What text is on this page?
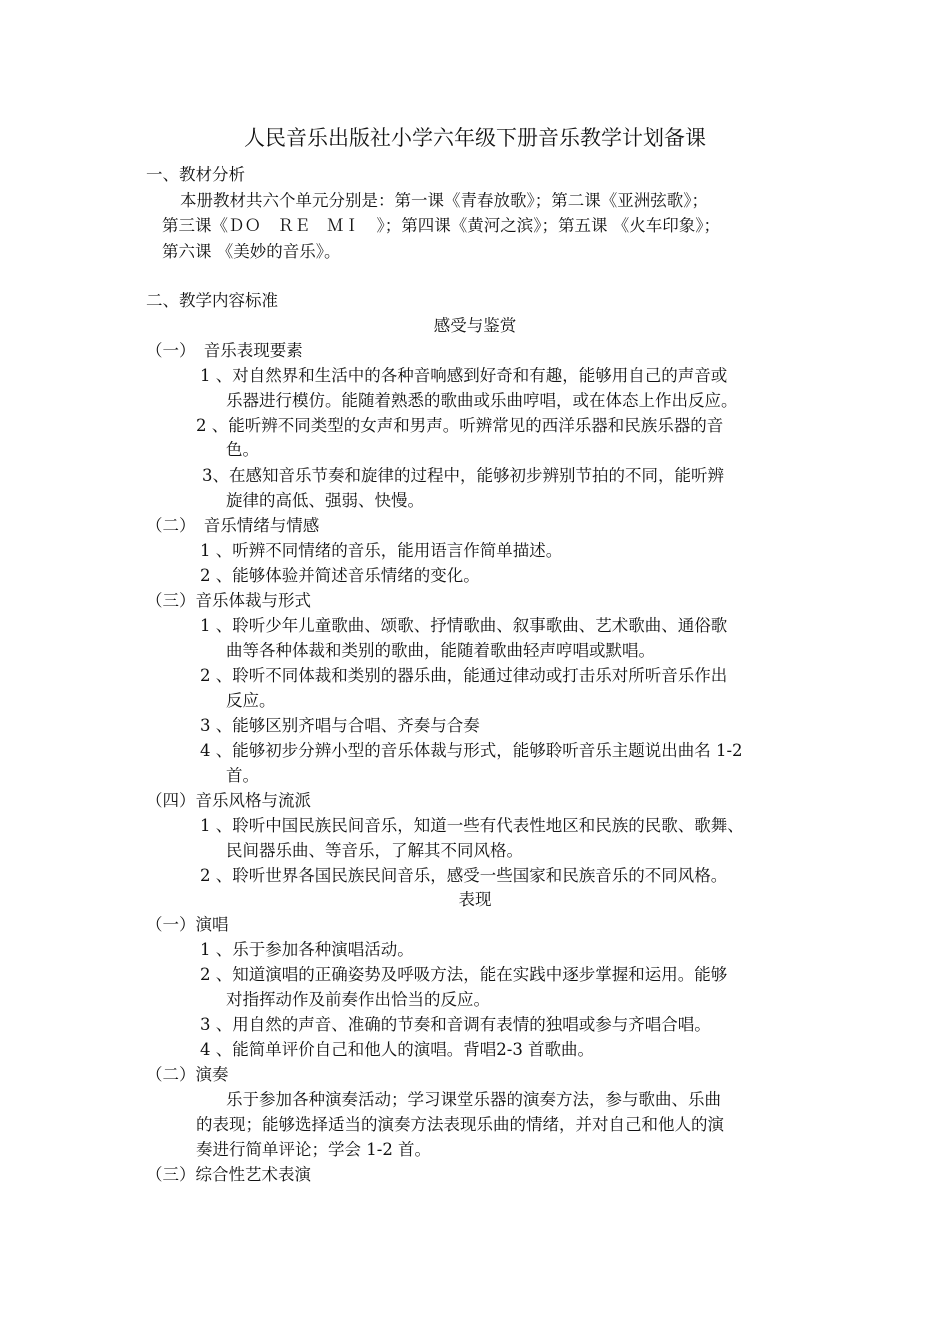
人民音乐出版社小学六年级下册音乐教学计划备课
一、教材分析
本册教材共六个单元分别是：第一课《青春放歌》；第二课《亚洲弦歌》；
第三课《ＤＯ　ＲＥ　ＭＩ　》；第四课《黄河之滨》；第五课 《火车印象》；
第六课 《美妙的音乐》。
二、教学内容标准
感受与鉴赏
（一）　音乐表现要素
1 、对自然界和生活中的各种音响感到好奇和有趣，能够用自己的声音或
乐器进行模仿。能随着熟悉的歌曲或乐曲哼唱，或在体态上作出反应。
2 、能听辨不同类型的女声和男声。听辨常见的西洋乐器和民族乐器的音
色。
3、在感知音乐节奏和旋律的过程中，能够初步辨别节拍的不同，能听辨
旋律的高低、强弱、快慢。
（二）　音乐情绪与情感
1 、听辨不同情绪的音乐，能用语言作简单描述。
2 、能够体验并简述音乐情绪的变化。
（三）音乐体裁与形式
1 、聆听少年儿童歌曲、颂歌、抒情歌曲、叙事歌曲、艺术歌曲、通俗歌
曲等各种体裁和类别的歌曲，能随着歌曲轻声哼唱或默唱。
2 、聆听不同体裁和类别的器乐曲，能通过律动或打击乐对所听音乐作出
反应。
3 、能够区别齐唱与合唱、齐奏与合奏
4 、能够初步分辨小型的音乐体裁与形式，能够聆听音乐主题说出曲名 1-2
首。
（四）音乐风格与流派
1 、聆听中国民族民间音乐，知道一些有代表性地区和民族的民歌、歌舞、
民间器乐曲、等音乐，了解其不同风格。
2 、聆听世界各国民族民间音乐，感受一些国家和民族音乐的不同风格。
表现
（一）演唱
1 、乐于参加各种演唱活动。
2 、知道演唱的正确姿势及呼吸方法，能在实践中逐步掌握和运用。能够
对指挥动作及前奏作出恰当的反应。
3 、用自然的声音、准确的节奏和音调有表情的独唱或参与齐唱合唱。
4 、能简单评价自己和他人的演唱。背唱2-3 首歌曲。
（二）演奏
乐于参加各种演奏活动；学习课堂乐器的演奏方法，参与歌曲、乐曲
的表现；能够选择适当的演奏方法表现乐曲的情绪，并对自己和他人的演
奏进行简单评论；学会 1-2 首。
（三）综合性艺术表演
